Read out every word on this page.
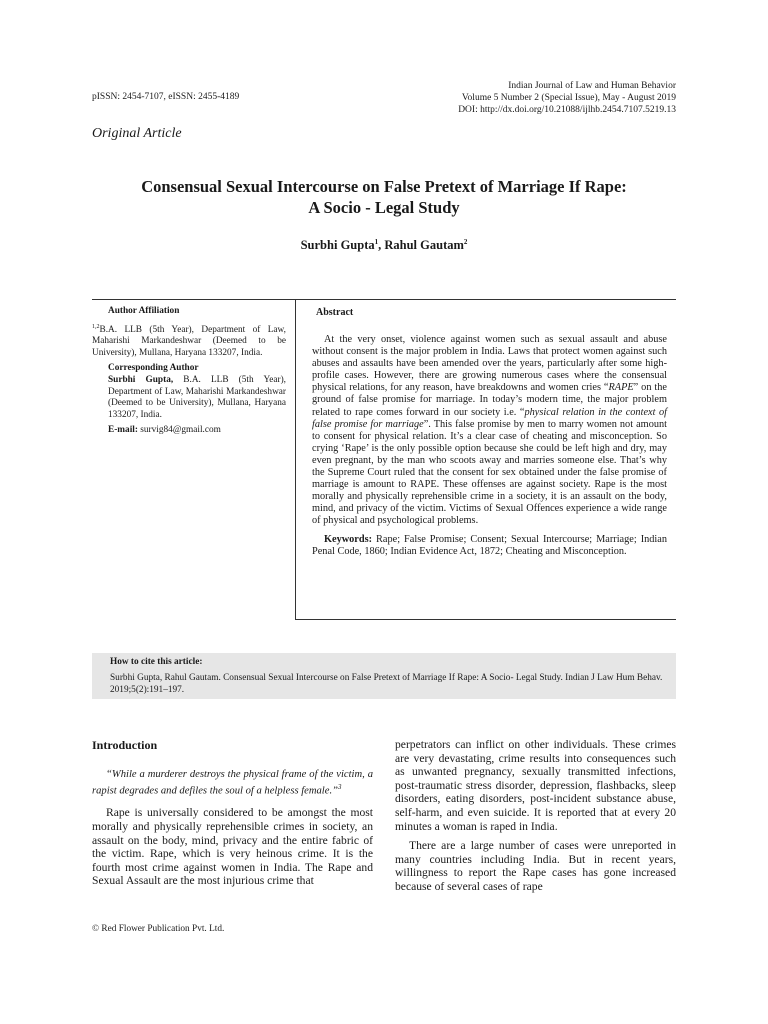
pISSN: 2454-7107, eISSN: 2455-4189
Indian Journal of Law and Human Behavior
Volume 5 Number 2 (Special Issue), May - August 2019
DOI: http://dx.doi.org/10.21088/ijlhb.2454.7107.5219.13
Original Article
Consensual Sexual Intercourse on False Pretext of Marriage If Rape:
A Socio - Legal Study
Surbhi Gupta$^1$, Rahul Gautam$^2$

Author Affiliation

$^{1,2}$B.A. LLB (5th Year), Department of Law, Maharishi Markandeshwar (Deemed to be University), Mullana, Haryana 133207, India.

Corresponding Author

Surbhi Gupta, B.A. LLB (5th Year), Department of Law, Maharishi Markandeshwar (Deemed to be University), Mullana, Haryana 133207, India.

E-mail: survig84@gmail.com

Abstract

At the very onset, violence against women such as sexual assault and abuse without consent is the major problem in India. Laws that protect women against such abuses and assaults have been amended over the years, particularly after some high-profile cases. However, there are growing numerous cases where the consensual physical relations, for any reason, have breakdowns and women cries “RAPE” on the ground of false promise for marriage. In today’s modern time, the major problem related to rape comes forward in our society i.e. “physical relation in the context of false promise for marriage”. This false promise by men to marry women not amount to consent for physical relation. It’s a clear case of cheating and misconception. So crying ‘Rape’ is the only possible option because she could be left high and dry, may even pregnant, by the man who scoots away and marries someone else. That’s why the Supreme Court ruled that the consent for sex obtained under the false promise of marriage is amount to RAPE. These offenses are against society. Rape is the most morally and physically reprehensible crime in a society, it is an assault on the body, mind, and privacy of the victim. Victims of Sexual Offences experience a wide range of physical and psychological problems.

Keywords: Rape; False Promise; Consent; Sexual Intercourse; Marriage; Indian Penal Code, 1860; Indian Evidence Act, 1872; Cheating and Misconception.

How to cite this article:
Surbhi Gupta, Rahul Gautam. Consensual Sexual Intercourse on False Pretext of Marriage If Rape: A Socio- Legal Study. Indian J Law Hum Behav. 2019;5(2):191–197.
Introduction

“While a murderer destroys the physical frame of the victim, a rapist degrades and defiles the soul of a helpless female.”$^3$

Rape is universally considered to be amongst the most morally and physically reprehensible crimes in society, an assault on the body, mind, privacy and the entire fabric of the victim. Rape, which is very heinous crime. It is the fourth most crime against women in India. The Rape and Sexual Assault are the most injurious crime that

perpetrators can inflict on other individuals. These crimes are very devastating, crime results into consequences such as unwanted pregnancy, sexually transmitted infections, post-traumatic stress disorder, depression, flashbacks, sleep disorders, eating disorders, post-incident substance abuse, self-harm, and even suicide. It is reported that at every 20 minutes a woman is raped in India.

There are a large number of cases were unreported in many countries including India. But in recent years, willingness to report the Rape cases has gone increased because of several cases of rape

© Red Flower Publication Pvt. Ltd.
